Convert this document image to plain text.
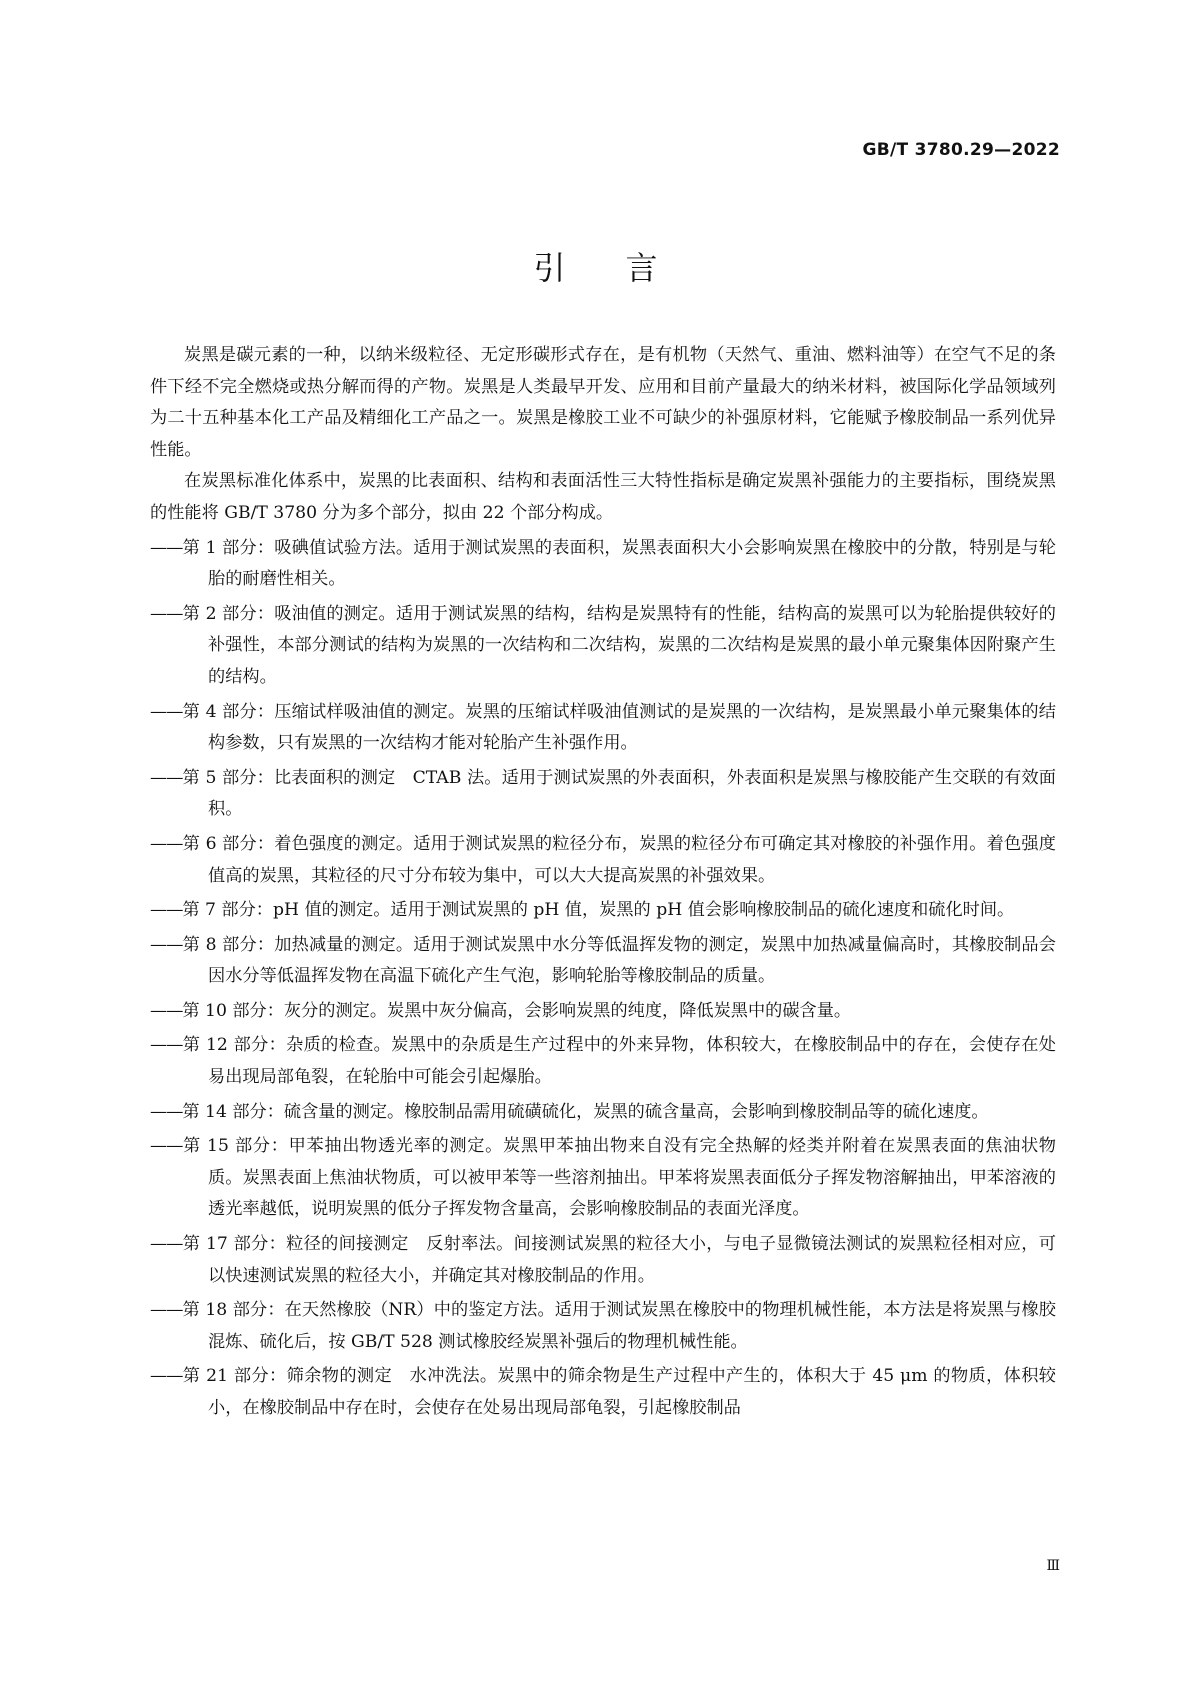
GB/T 3780.29—2022
引言

炭黑是碳元素的一种，以纳米级粒径、无定形碳形式存在，是有机物（天然气、重油、燃料油等）在空气不足的条件下经不完全燃烧或热分解而得的产物。炭黑是人类最早开发、应用和目前产量最大的纳米材料，被国际化学品领域列为二十五种基本化工产品及精细化工产品之一。炭黑是橡胶工业不可缺少的补强原材料，它能赋予橡胶制品一系列优异性能。

在炭黑标准化体系中，炭黑的比表面积、结构和表面活性三大特性指标是确定炭黑补强能力的主要指标，围绕炭黑的性能将 GB/T 3780 分为多个部分，拟由 22 个部分构成。

——第 1 部分：吸碘值试验方法。适用于测试炭黑的表面积，炭黑表面积大小会影响炭黑在橡胶中的分散，特别是与轮胎的耐磨性相关。

——第 2 部分：吸油值的测定。适用于测试炭黑的结构，结构是炭黑特有的性能，结构高的炭黑可以为轮胎提供较好的补强性，本部分测试的结构为炭黑的一次结构和二次结构，炭黑的二次结构是炭黑的最小单元聚集体因附聚产生的结构。

——第 4 部分：压缩试样吸油值的测定。炭黑的压缩试样吸油值测试的是炭黑的一次结构，是炭黑最小单元聚集体的结构参数，只有炭黑的一次结构才能对轮胎产生补强作用。

——第 5 部分：比表面积的测定　CTAB 法。适用于测试炭黑的外表面积，外表面积是炭黑与橡胶能产生交联的有效面积。

——第 6 部分：着色强度的测定。适用于测试炭黑的粒径分布，炭黑的粒径分布可确定其对橡胶的补强作用。着色强度值高的炭黑，其粒径的尺寸分布较为集中，可以大大提高炭黑的补强效果。

——第 7 部分：pH 值的测定。适用于测试炭黑的 pH 值，炭黑的 pH 值会影响橡胶制品的硫化速度和硫化时间。

——第 8 部分：加热减量的测定。适用于测试炭黑中水分等低温挥发物的测定，炭黑中加热减量偏高时，其橡胶制品会因水分等低温挥发物在高温下硫化产生气泡，影响轮胎等橡胶制品的质量。

——第 10 部分：灰分的测定。炭黑中灰分偏高，会影响炭黑的纯度，降低炭黑中的碳含量。

——第 12 部分：杂质的检查。炭黑中的杂质是生产过程中的外来异物，体积较大，在橡胶制品中的存在，会使存在处易出现局部龟裂，在轮胎中可能会引起爆胎。

——第 14 部分：硫含量的测定。橡胶制品需用硫磺硫化，炭黑的硫含量高，会影响到橡胶制品等的硫化速度。

——第 15 部分：甲苯抽出物透光率的测定。炭黑甲苯抽出物来自没有完全热解的烃类并附着在炭黑表面的焦油状物质。炭黑表面上焦油状物质，可以被甲苯等一些溶剂抽出。甲苯将炭黑表面低分子挥发物溶解抽出，甲苯溶液的透光率越低，说明炭黑的低分子挥发物含量高，会影响橡胶制品的表面光泽度。

——第 17 部分：粒径的间接测定　反射率法。间接测试炭黑的粒径大小，与电子显微镜法测试的炭黑粒径相对应，可以快速测试炭黑的粒径大小，并确定其对橡胶制品的作用。

——第 18 部分：在天然橡胶（NR）中的鉴定方法。适用于测试炭黑在橡胶中的物理机械性能，本方法是将炭黑与橡胶混炼、硫化后，按 GB/T 528 测试橡胶经炭黑补强后的物理机械性能。

——第 21 部分：筛余物的测定　水冲洗法。炭黑中的筛余物是生产过程中产生的，体积大于 45 μm 的物质，体积较小，在橡胶制品中存在时，会使存在处易出现局部龟裂，引起橡胶制品

Ⅲ
